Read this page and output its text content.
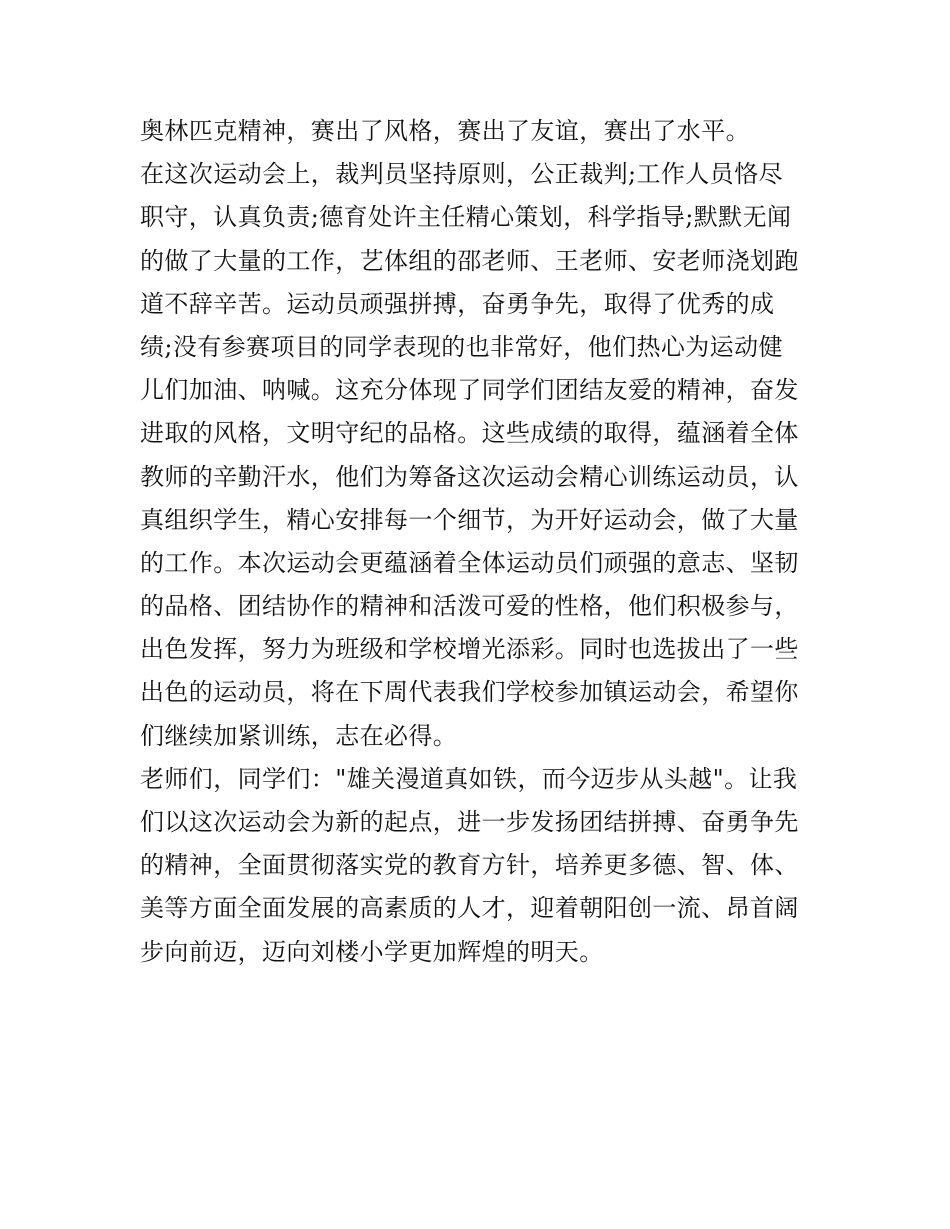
奥林匹克精神，赛出了风格，赛出了友谊，赛出了水平。
在这次运动会上，裁判员坚持原则，公正裁判;工作人员恪尽
职守，认真负责;德育处许主任精心策划，科学指导;默默无闻
的做了大量的工作，艺体组的邵老师、王老师、安老师浇划跑
道不辞辛苦。运动员顽强拼搏，奋勇争先，取得了优秀的成
绩;没有参赛项目的同学表现的也非常好，他们热心为运动健
儿们加油、呐喊。这充分体现了同学们团结友爱的精神，奋发
进取的风格，文明守纪的品格。这些成绩的取得，蕴涵着全体
教师的辛勤汗水，他们为筹备这次运动会精心训练运动员，认
真组织学生，精心安排每一个细节，为开好运动会，做了大量
的工作。本次运动会更蕴涵着全体运动员们顽强的意志、坚韧
的品格、团结协作的精神和活泼可爱的性格，他们积极参与，
出色发挥，努力为班级和学校增光添彩。同时也选拔出了一些
出色的运动员，将在下周代表我们学校参加镇运动会，希望你
们继续加紧训练，志在必得。
老师们，同学们："雄关漫道真如铁，而今迈步从头越"。让我
们以这次运动会为新的起点，进一步发扬团结拼搏、奋勇争先
的精神，全面贯彻落实党的教育方针，培养更多德、智、体、
美等方面全面发展的高素质的人才，迎着朝阳创一流、昂首阔
步向前迈，迈向刘楼小学更加辉煌的明天。
